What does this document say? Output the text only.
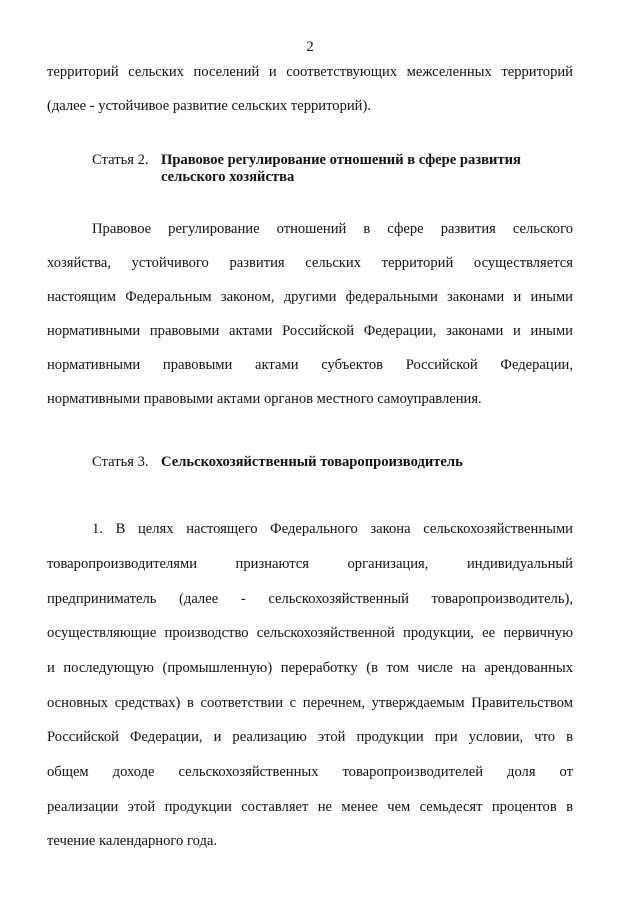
2
территорий сельских поселений и соответствующих межселенных территорий
(далее - устойчивое развитие сельских территорий).
Статья 2. Правовое регулирование отношений в сфере развития
сельского хозяйства
Правовое регулирование отношений в сфере развития сельского
хозяйства, устойчивого развития сельских территорий осуществляется
настоящим Федеральным законом, другими федеральными законами и иными
нормативными правовыми актами Российской Федерации, законами и иными
нормативными правовыми актами субъектов Российской Федерации,
нормативными правовыми актами органов местного самоуправления.
Статья 3. Сельскохозяйственный товаропроизводитель
1. В целях настоящего Федерального закона сельскохозяйственными
товаропроизводителями признаются организация, индивидуальный
предприниматель (далее - сельскохозяйственный товаропроизводитель),
осуществляющие производство сельскохозяйственной продукции, ее первичную
и последующую (промышленную) переработку (в том числе на арендованных
основных средствах) в соответствии с перечнем, утверждаемым Правительством
Российской Федерации, и реализацию этой продукции при условии, что в
общем доходе сельскохозяйственных товаропроизводителей доля от
реализации этой продукции составляет не менее чем семьдесят процентов в
течение календарного года.
